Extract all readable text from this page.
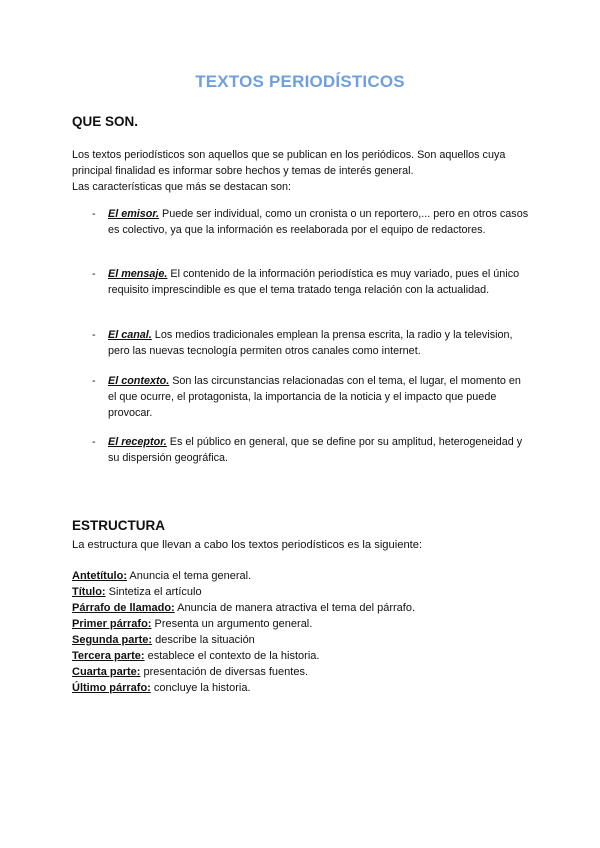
TEXTOS PERIODÍSTICOS
QUE SON.
Los textos periodísticos son aquellos que se publican en los periódicos. Son aquellos cuya
principal finalidad es informar sobre hechos y temas de interés general.
Las características que más se destacan son:
- El emisor. Puede ser individual, como un cronista o un reportero,... pero en otros casos es colectivo, ya que la información es reelaborada por el equipo de redactores.
- El mensaje. El contenido de la información periodística es muy variado, pues el único requisito imprescindible es que el tema tratado tenga relación con la actualidad.
- El canal. Los medios tradicionales emplean la prensa escrita, la radio y la television, pero las nuevas tecnología permiten otros canales como internet.
- El contexto. Son las circunstancias relacionadas con el tema, el lugar, el momento en el que ocurre, el protagonista, la importancia de la noticia y el impacto que puede provocar.
- El receptor. Es el público en general, que se define por su amplitud, heterogeneidad y su dispersión geográfica.
ESTRUCTURA
La estructura que llevan a cabo los textos periodísticos es la siguiente:
Antetítulo: Anuncia el tema general.
Título: Sintetiza el artículo
Párrafo de llamado: Anuncia de manera atractiva el tema del párrafo.
Primer párrafo: Presenta un argumento general.
Segunda parte: describe la situación
Tercera parte: establece el contexto de la historia.
Cuarta parte: presentación de diversas fuentes.
Último párrafo: concluye la historia.
